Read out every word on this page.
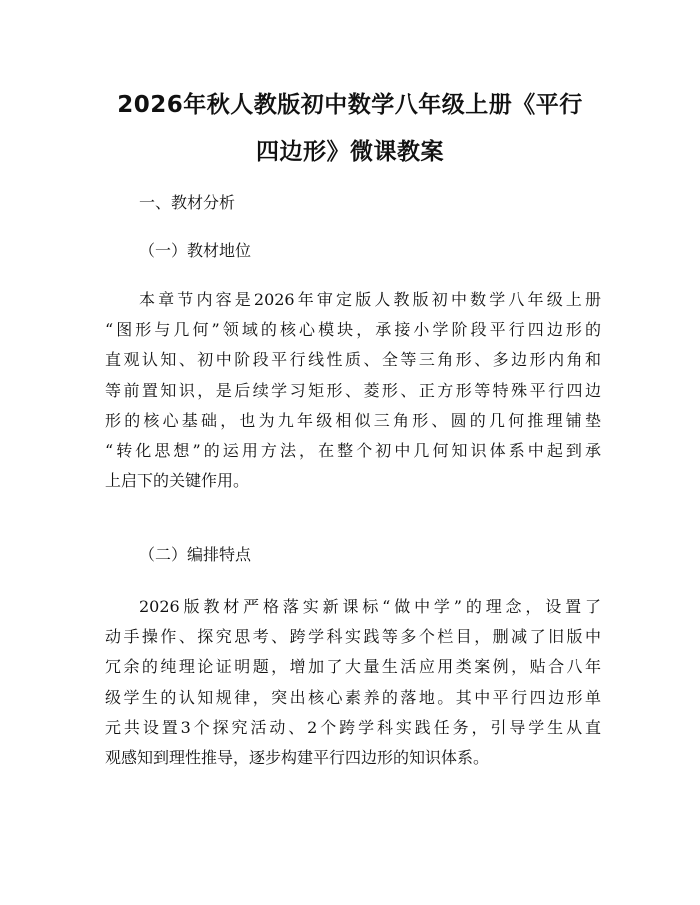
2026年秋人教版初中数学八年级上册《平行
四边形》微课教案

一、教材分析

（一）教材地位

本章节内容是2026年审定版人教版初中数学八年级上册
“图形与几何”领域的核心模块，承接小学阶段平行四边形的
直观认知、初中阶段平行线性质、全等三角形、多边形内角和
等前置知识，是后续学习矩形、菱形、正方形等特殊平行四边
形的核心基础，也为九年级相似三角形、圆的几何推理铺垫
“转化思想”的运用方法，在整个初中几何知识体系中起到承
上启下的关键作用。

（二）编排特点

2026版教材严格落实新课标“做中学”的理念，设置了
动手操作、探究思考、跨学科实践等多个栏目，删减了旧版中
冗余的纯理论证明题，增加了大量生活应用类案例，贴合八年
级学生的认知规律，突出核心素养的落地。其中平行四边形单
元共设置3个探究活动、2个跨学科实践任务，引导学生从直
观感知到理性推导，逐步构建平行四边形的知识体系。
